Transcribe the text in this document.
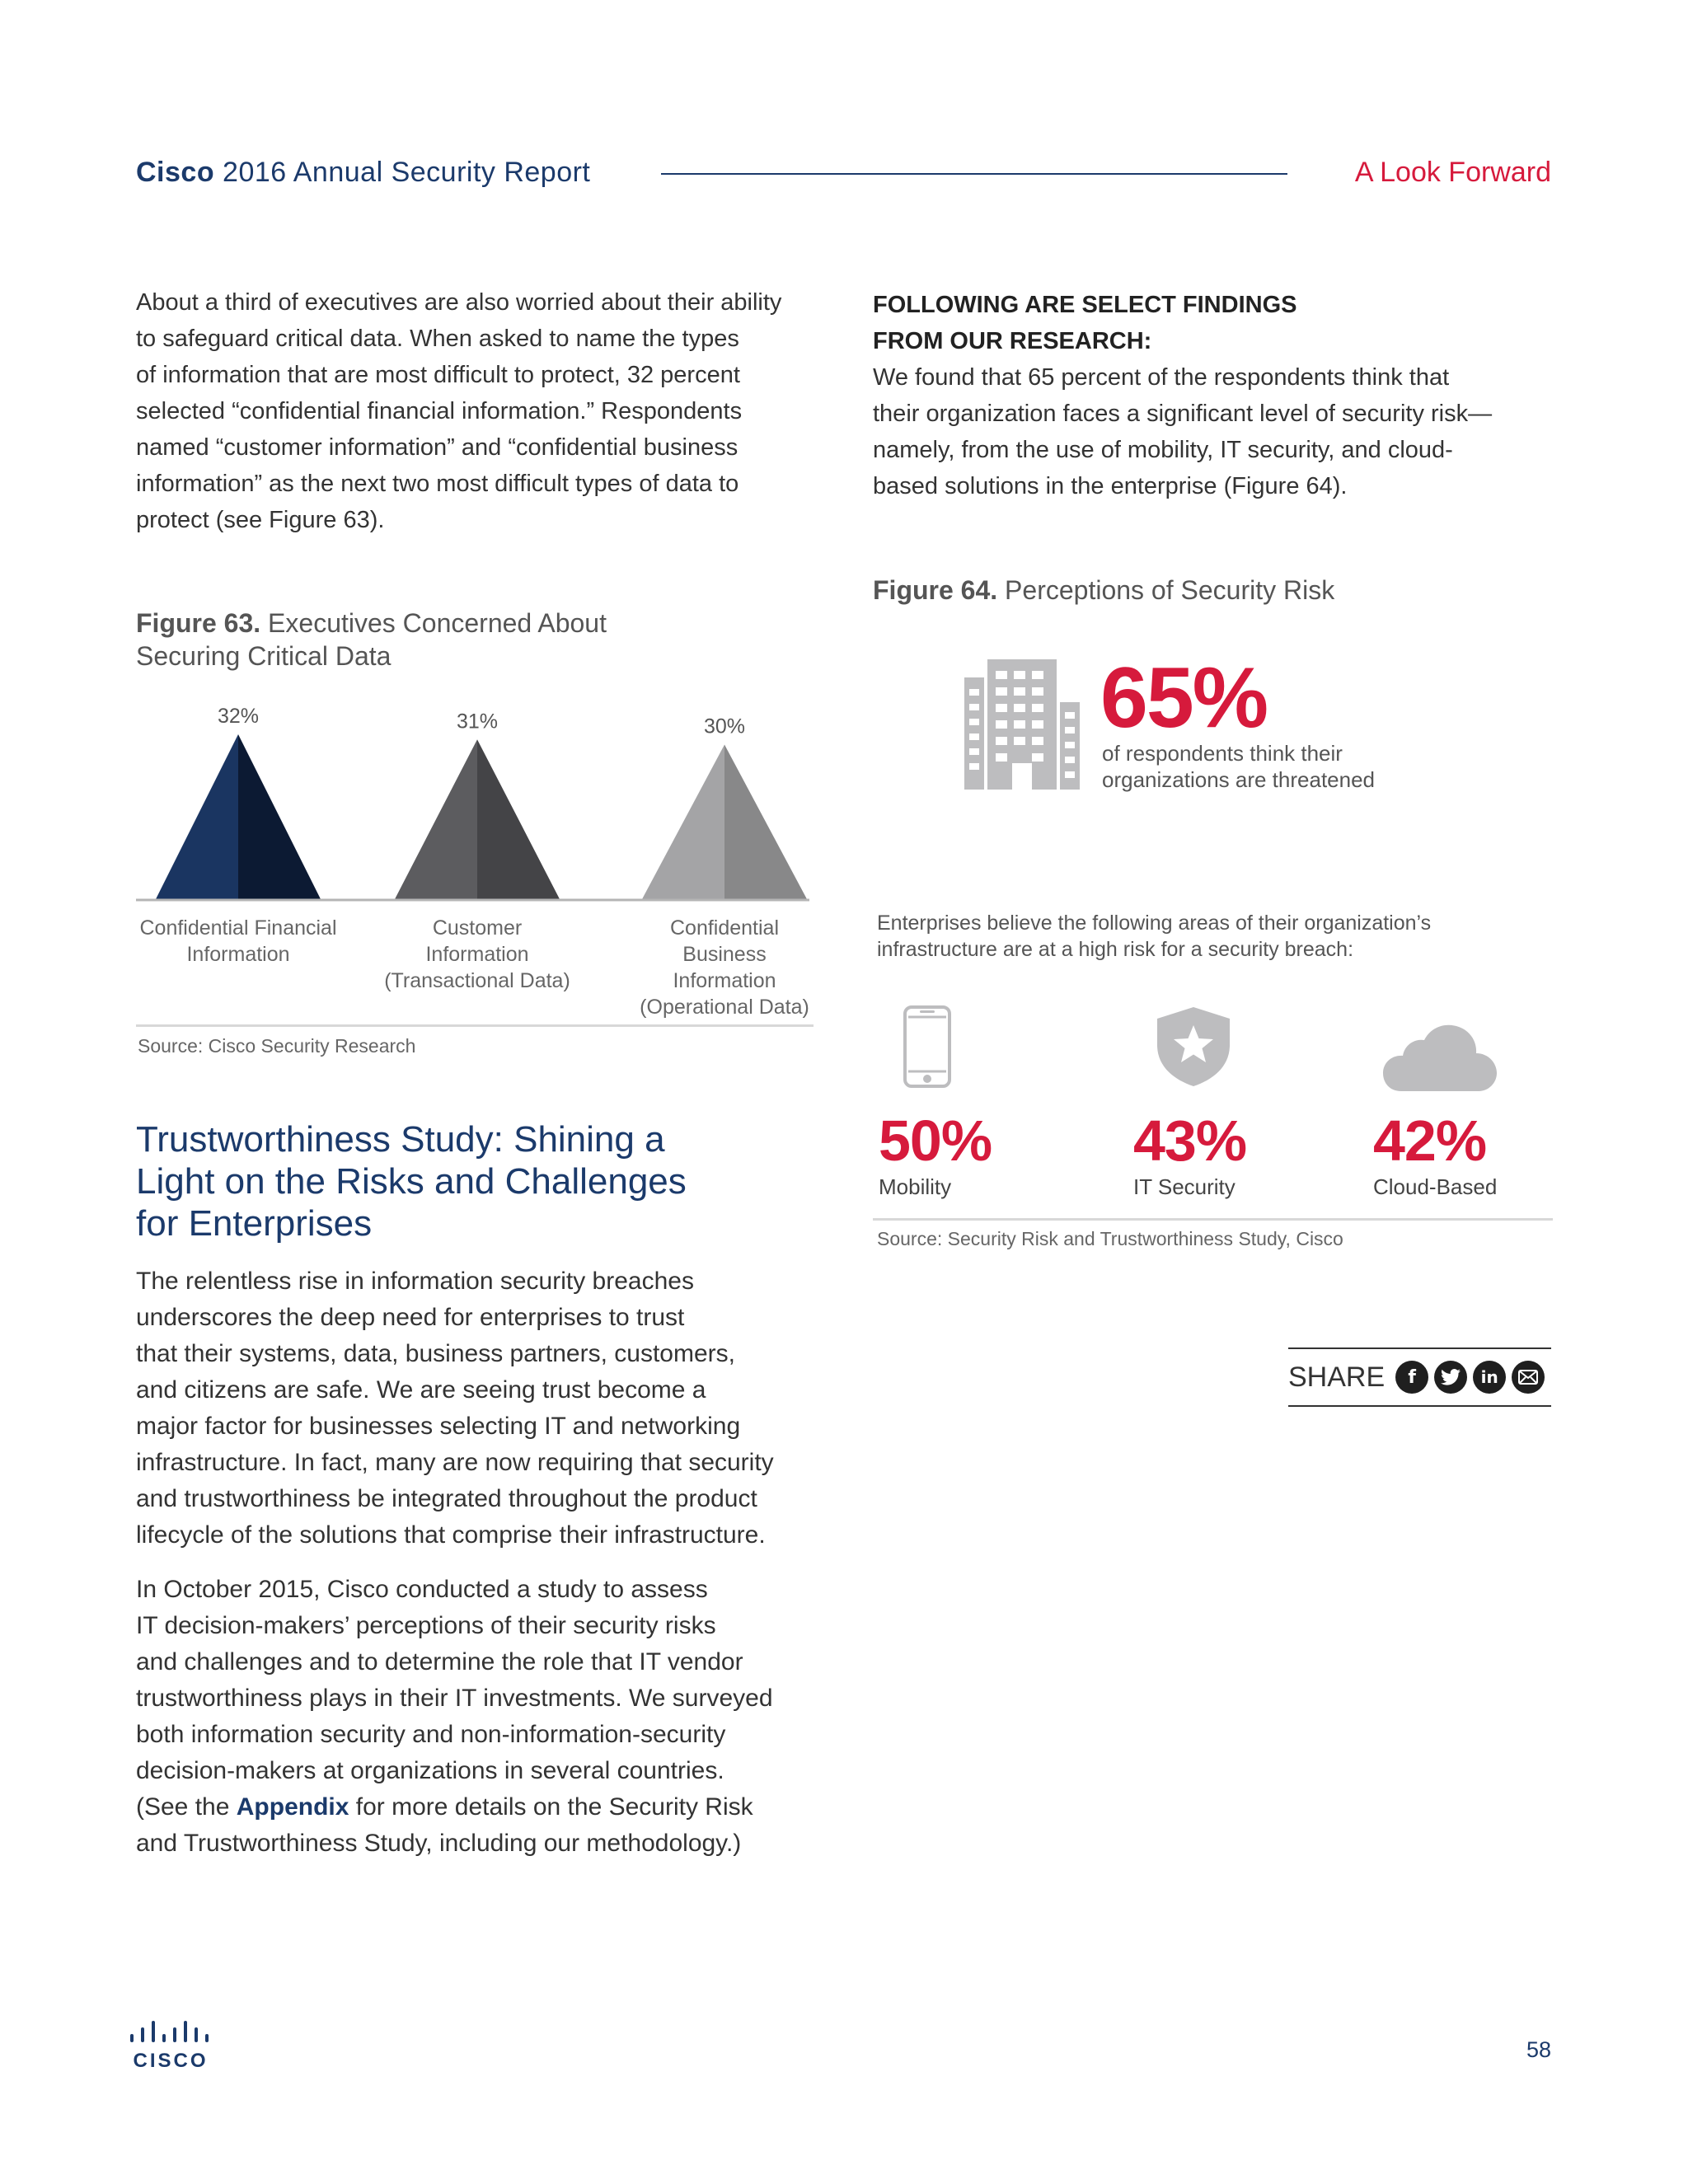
Cisco 2016 Annual Security Report	A Look Forward
About a third of executives are also worried about their ability
to safeguard critical data. When asked to name the types
of information that are most difficult to protect, 32 percent
selected “confidential financial information.” Respondents
named “customer information” and “confidential business
information” as the next two most difficult types of data to
protect (see Figure 63).
Figure 63. Executives Concerned About
Securing Critical Data
32%
Confidential Financial
Information
31%
Customer
Information
(Transactional Data)
30%
Confidential
Business
Information
(Operational Data)
Source: Cisco Security Research
Trustworthiness Study: Shining a
Light on the Risks and Challenges
for Enterprises
The relentless rise in information security breaches
underscores the deep need for enterprises to trust
that their systems, data, business partners, customers,
and citizens are safe. We are seeing trust become a
major factor for businesses selecting IT and networking
infrastructure. In fact, many are now requiring that security
and trustworthiness be integrated throughout the product
lifecycle of the solutions that comprise their infrastructure.
In October 2015, Cisco conducted a study to assess
IT decision-makers’ perceptions of their security risks
and challenges and to determine the role that IT vendor
trustworthiness plays in their IT investments. We surveyed
both information security and non-information-security
decision-makers at organizations in several countries.
(See the Appendix for more details on the Security Risk
and Trustworthiness Study, including our methodology.)
FOLLOWING ARE SELECT FINDINGS
FROM OUR RESEARCH:
We found that 65 percent of the respondents think that
their organization faces a significant level of security risk—
namely, from the use of mobility, IT security, and cloud-
based solutions in the enterprise (Figure 64).
Figure 64. Perceptions of Security Risk
65%
of respondents think their
organizations are threatened
Enterprises believe the following areas of their organization’s
infrastructure are at a high risk for a security breach:
50%
Mobility
43%
IT Security
42%
Cloud-Based
Source: Security Risk and Trustworthiness Study, Cisco
SHARE	f	in
CISCO	58
